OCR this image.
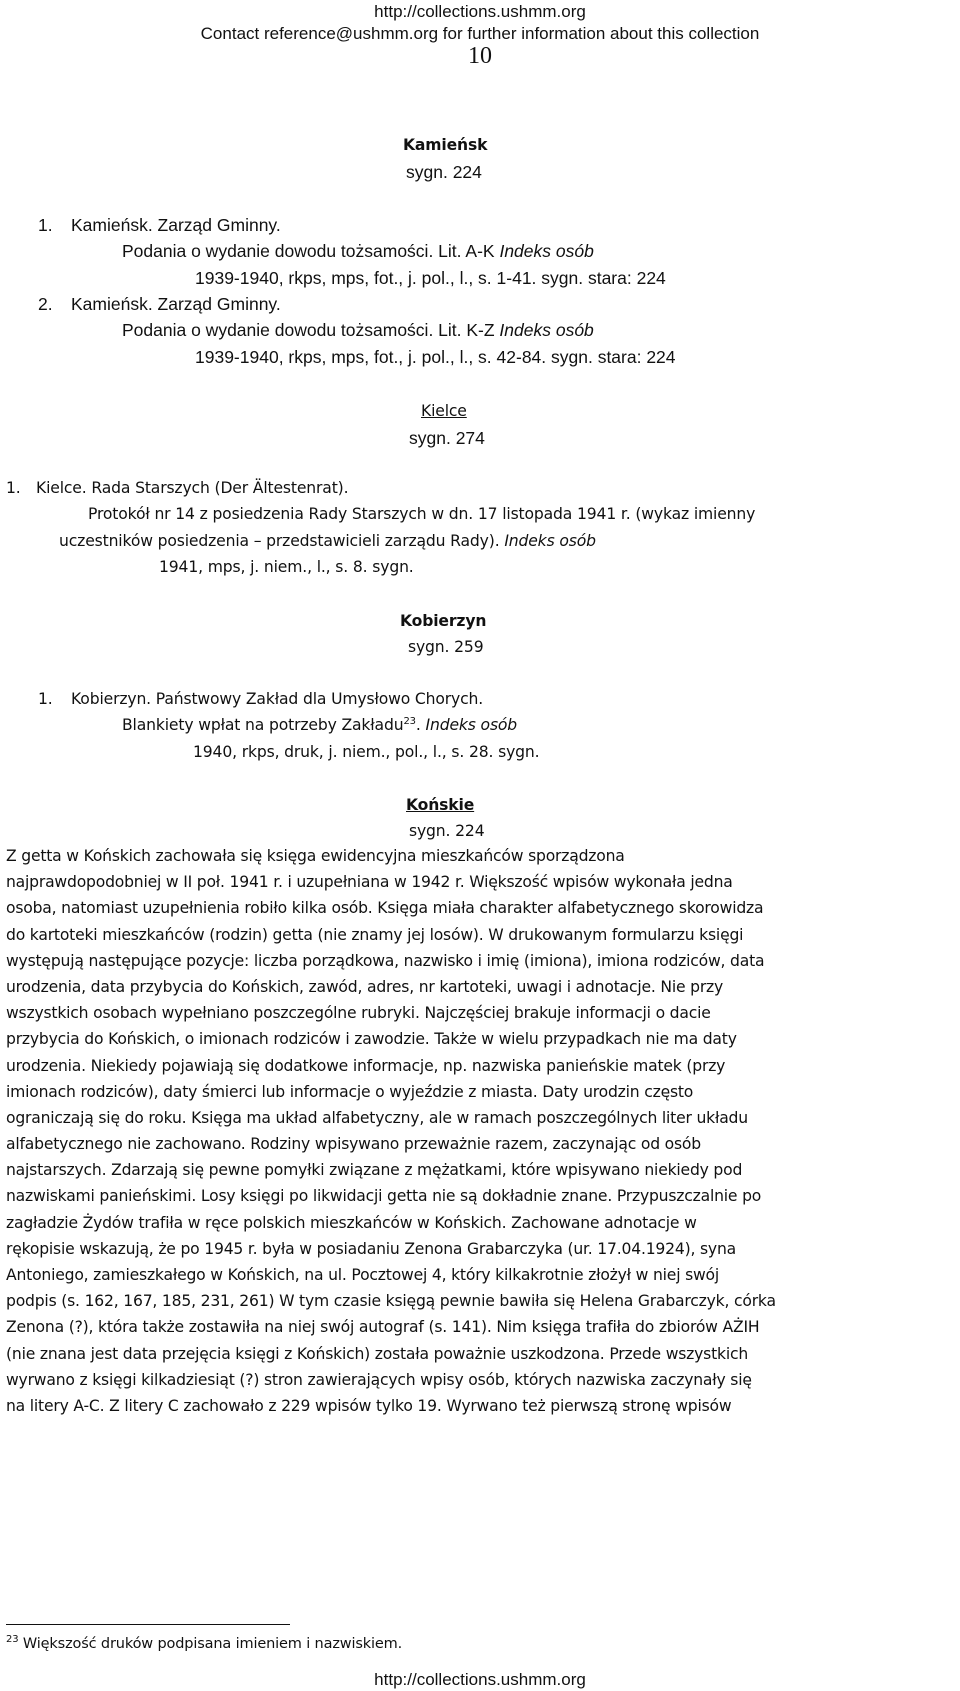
http://collections.ushmm.org
Contact reference@ushmm.org for further information about this collection
10
Kamieńsk
sygn. 224
1. Kamieńsk. Zarząd Gminny.
Podania o wydanie dowodu tożsamości. Lit. A-K Indeks osób
1939-1940, rkps, mps, fot., j. pol., l., s. 1-41. sygn. stara: 224
2. Kamieńsk. Zarząd Gminny.
Podania o wydanie dowodu tożsamości. Lit. K-Z Indeks osób
1939-1940, rkps, mps, fot., j. pol., l., s. 42-84. sygn. stara: 224
Kielce
sygn. 274
1. Kielce. Rada Starszych (Der Ältestenrat).
Protokół nr 14 z posiedzenia Rady Starszych w dn. 17 listopada 1941 r. (wykaz imienny
uczestników posiedzenia – przedstawicieli zarządu Rady). Indeks osób
1941, mps, j. niem., l., s. 8. sygn.
Kobierzyn
sygn. 259
1. Kobierzyn. Państwowy Zakład dla Umysłowo Chorych.
Blankiety wpłat na potrzeby Zakładu$^{23}$. Indeks osób
1940, rkps, druk, j. niem., pol., l., s. 28. sygn.
Końskie
sygn. 224
Z getta w Końskich zachowała się księga ewidencyjna mieszkańców sporządzona
najprawdopodobniej w II poł. 1941 r. i uzupełniana w 1942 r. Większość wpisów wykonała jedna
osoba, natomiast uzupełnienia robiło kilka osób. Księga miała charakter alfabetycznego skorowidza
do kartoteki mieszkańców (rodzin) getta (nie znamy jej losów). W drukowanym formularzu księgi
występują następujące pozycje: liczba porządkowa, nazwisko i imię (imiona), imiona rodziców, data
urodzenia, data przybycia do Końskich, zawód, adres, nr kartoteki, uwagi i adnotacje. Nie przy
wszystkich osobach wypełniano poszczególne rubryki. Najczęściej brakuje informacji o dacie
przybycia do Końskich, o imionach rodziców i zawodzie. Także w wielu przypadkach nie ma daty
urodzenia. Niekiedy pojawiają się dodatkowe informacje, np. nazwiska panieńskie matek (przy
imionach rodziców), daty śmierci lub informacje o wyjeździe z miasta. Daty urodzin często
ograniczają się do roku. Księga ma układ alfabetyczny, ale w ramach poszczególnych liter układu
alfabetycznego nie zachowano. Rodziny wpisywano przeważnie razem, zaczynając od osób
najstarszych. Zdarzają się pewne pomyłki związane z mężatkami, które wpisywano niekiedy pod
nazwiskami panieńskimi. Losy księgi po likwidacji getta nie są dokładnie znane. Przypuszczalnie po
zagładzie Żydów trafiła w ręce polskich mieszkańców w Końskich. Zachowane adnotacje w
rękopisie wskazują, że po 1945 r. była w posiadaniu Zenona Grabarczyka (ur. 17.04.1924), syna
Antoniego, zamieszkałego w Końskich, na ul. Pocztowej 4, który kilkakrotnie złożył w niej swój
podpis (s. 162, 167, 185, 231, 261) W tym czasie księgą pewnie bawiła się Helena Grabarczyk, córka
Zenona (?), która także zostawiła na niej swój autograf (s. 141). Nim księga trafiła do zbiorów AŻIH
(nie znana jest data przejęcia księgi z Końskich) została poważnie uszkodzona. Przede wszystkich
wyrwano z księgi kilkadziesiąt (?) stron zawierających wpisy osób, których nazwiska zaczynały się
na litery A-C. Z litery C zachowało z 229 wpisów tylko 19. Wyrwano też pierwszą stronę wpisów
$^{23}$ Większość druków podpisana imieniem i nazwiskiem.
http://collections.ushmm.org
